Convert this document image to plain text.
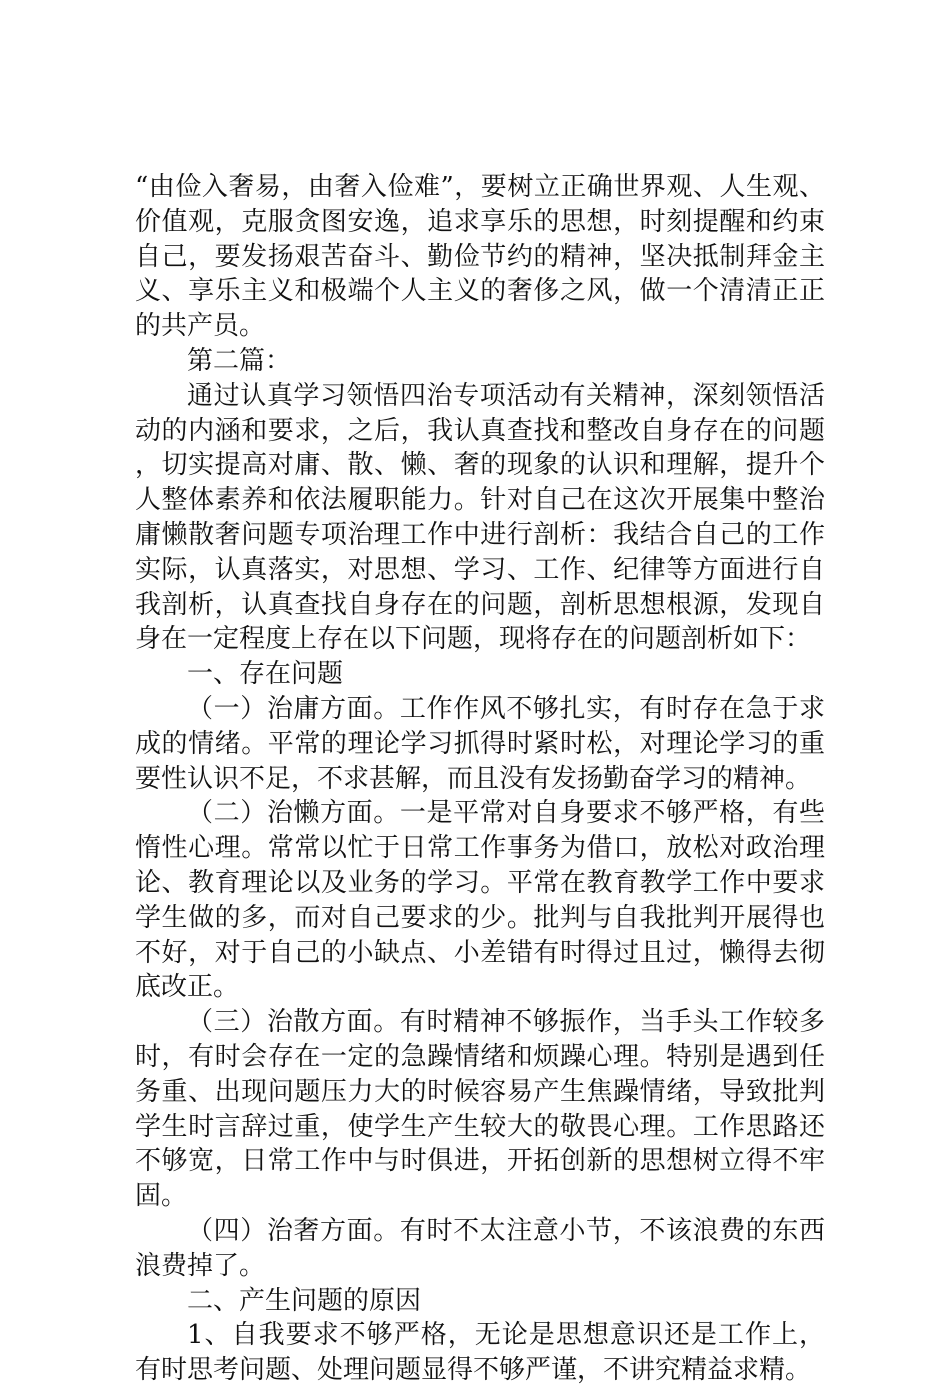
“由俭入奢易，由奢入俭难”，要树立正确世界观、人生观、价值观，克服贪图安逸，追求享乐的思想，时刻提醒和约束自己，要发扬艰苦奋斗、勤俭节约的精神，坚决抵制拜金主义、享乐主义和极端个人主义的奢侈之风，做一个清清正正的共产员。

第二篇：

通过认真学习领悟四治专项活动有关精神，深刻领悟活动的内涵和要求，之后，我认真查找和整改自身存在的问题，切实提高对庸、散、懒、奢的现象的认识和理解，提升个人整体素养和依法履职能力。针对自己在这次开展集中整治庸懒散奢问题专项治理工作中进行剖析：我结合自己的工作实际，认真落实，对思想、学习、工作、纪律等方面进行自我剖析，认真查找自身存在的问题，剖析思想根源，发现自身在一定程度上存在以下问题，现将存在的问题剖析如下：

一、存在问题

（一）治庸方面。工作作风不够扎实，有时存在急于求成的情绪。平常的理论学习抓得时紧时松，对理论学习的重要性认识不足，不求甚解，而且没有发扬勤奋学习的精神。

（二）治懒方面。一是平常对自身要求不够严格，有些惰性心理。常常以忙于日常工作事务为借口，放松对政治理论、教育理论以及业务的学习。平常在教育教学工作中要求学生做的多，而对自己要求的少。批判与自我批判开展得也不好，对于自己的小缺点、小差错有时得过且过，懒得去彻底改正。

（三）治散方面。有时精神不够振作，当手头工作较多时，有时会存在一定的急躁情绪和烦躁心理。特别是遇到任务重、出现问题压力大的时候容易产生焦躁情绪，导致批判学生时言辞过重，使学生产生较大的敬畏心理。工作思路还不够宽，日常工作中与时俱进，开拓创新的思想树立得不牢固。

（四）治奢方面。有时不太注意小节，不该浪费的东西浪费掉了。

二、产生问题的原因

1、自我要求不够严格，无论是思想意识还是工作上，有时思考问题、处理问题显得不够严谨，不讲究精益求精。
